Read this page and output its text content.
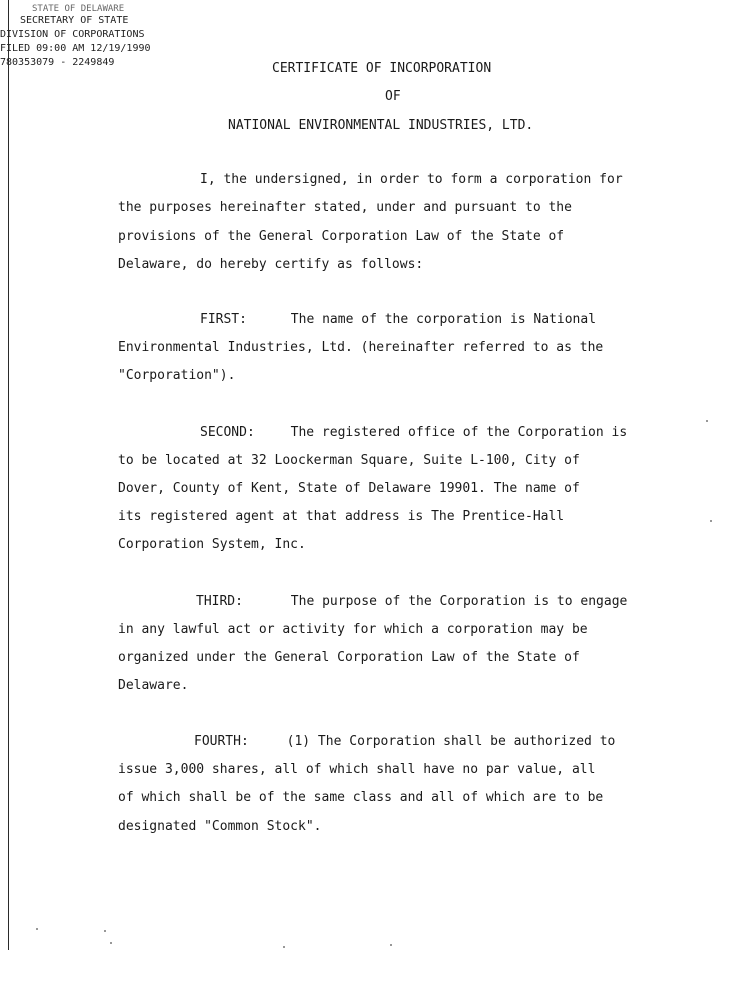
STATE OF DELAWARE
SECRETARY OF STATE
DIVISION OF CORPORATIONS
FILED 09:00 AM 12/19/1990
780353079 - 2249849	CERTIFICATE OF INCORPORATION
OF
NATIONAL ENVIRONMENTAL INDUSTRIES, LTD.
I, the undersigned, in order to form a corporation for
the purposes hereinafter stated, under and pursuant to the
provisions of the General Corporation Law of the State of
Delaware, do hereby certify as follows:
FIRST:	The name of the corporation is National
Environmental Industries, Ltd. (hereinafter referred to as the
"Corporation").
SECOND:	The registered office of the Corporation is
to be located at 32 Loockerman Square, Suite L-100, City of
Dover, County of Kent, State of Delaware 19901. The name of
its registered agent at that address is The Prentice-Hall
Corporation System, Inc.
THIRD:	The purpose of the Corporation is to engage
in any lawful act or activity for which a corporation may be
organized under the General Corporation Law of the State of
Delaware.
FOURTH:	(1) The Corporation shall be authorized to
issue 3,000 shares, all of which shall have no par value, all
of which shall be of the same class and all of which are to be
designated "Common Stock".
